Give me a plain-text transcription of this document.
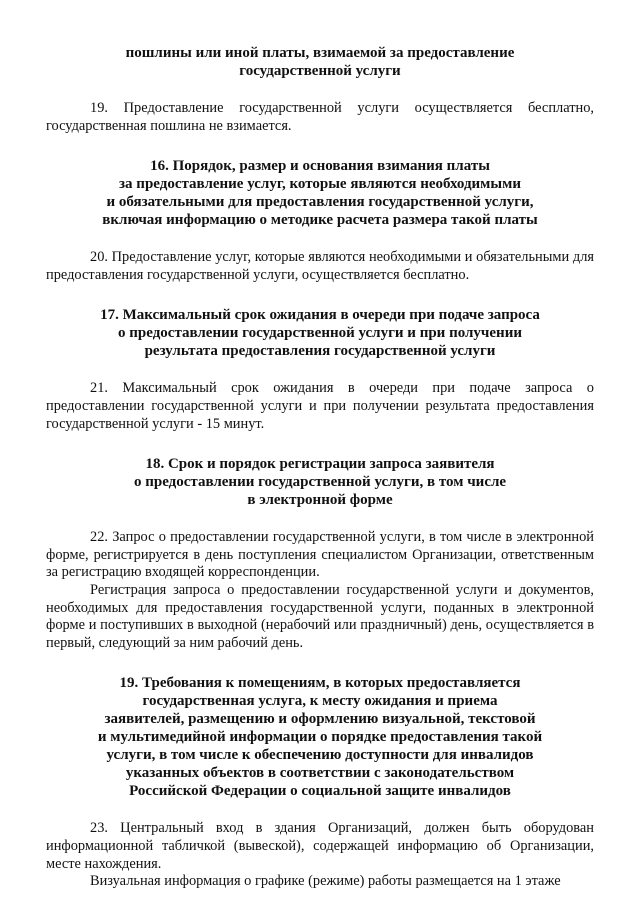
пошлины или иной платы, взимаемой за предоставление
государственной услуги

19. Предоставление государственной услуги осуществляется бесплатно, государственная пошлина не взимается.

16. Порядок, размер и основания взимания платы
за предоставление услуг, которые являются необходимыми
и обязательными для предоставления государственной услуги,
включая информацию о методике расчета размера такой платы

20. Предоставление услуг, которые являются необходимыми и обязательными для предоставления государственной услуги, осуществляется бесплатно.

17. Максимальный срок ожидания в очереди при подаче запроса
о предоставлении государственной услуги и при получении
результата предоставления государственной услуги

21. Максимальный срок ожидания в очереди при подаче запроса о предоставлении государственной услуги и при получении результата предоставления государственной услуги - 15 минут.

18. Срок и порядок регистрации запроса заявителя
о предоставлении государственной услуги, в том числе
в электронной форме

22. Запрос о предоставлении государственной услуги, в том числе в электронной форме, регистрируется в день поступления специалистом Организации, ответственным за регистрацию входящей корреспонденции.

Регистрация запроса о предоставлении государственной услуги и документов, необходимых для предоставления государственной услуги, поданных в электронной форме и поступивших в выходной (нерабочий или праздничный) день, осуществляется в первый, следующий за ним рабочий день.

19. Требования к помещениям, в которых предоставляется
государственная услуга, к месту ожидания и приема
заявителей, размещению и оформлению визуальной, текстовой
и мультимедийной информации о порядке предоставления такой
услуги, в том числе к обеспечению доступности для инвалидов
указанных объектов в соответствии с законодательством
Российской Федерации о социальной защите инвалидов

23. Центральный вход в здания Организаций, должен быть оборудован информационной табличкой (вывеской), содержащей информацию об Организации, месте нахождения.

Визуальная информация о графике (режиме) работы размещается на 1 этаже
